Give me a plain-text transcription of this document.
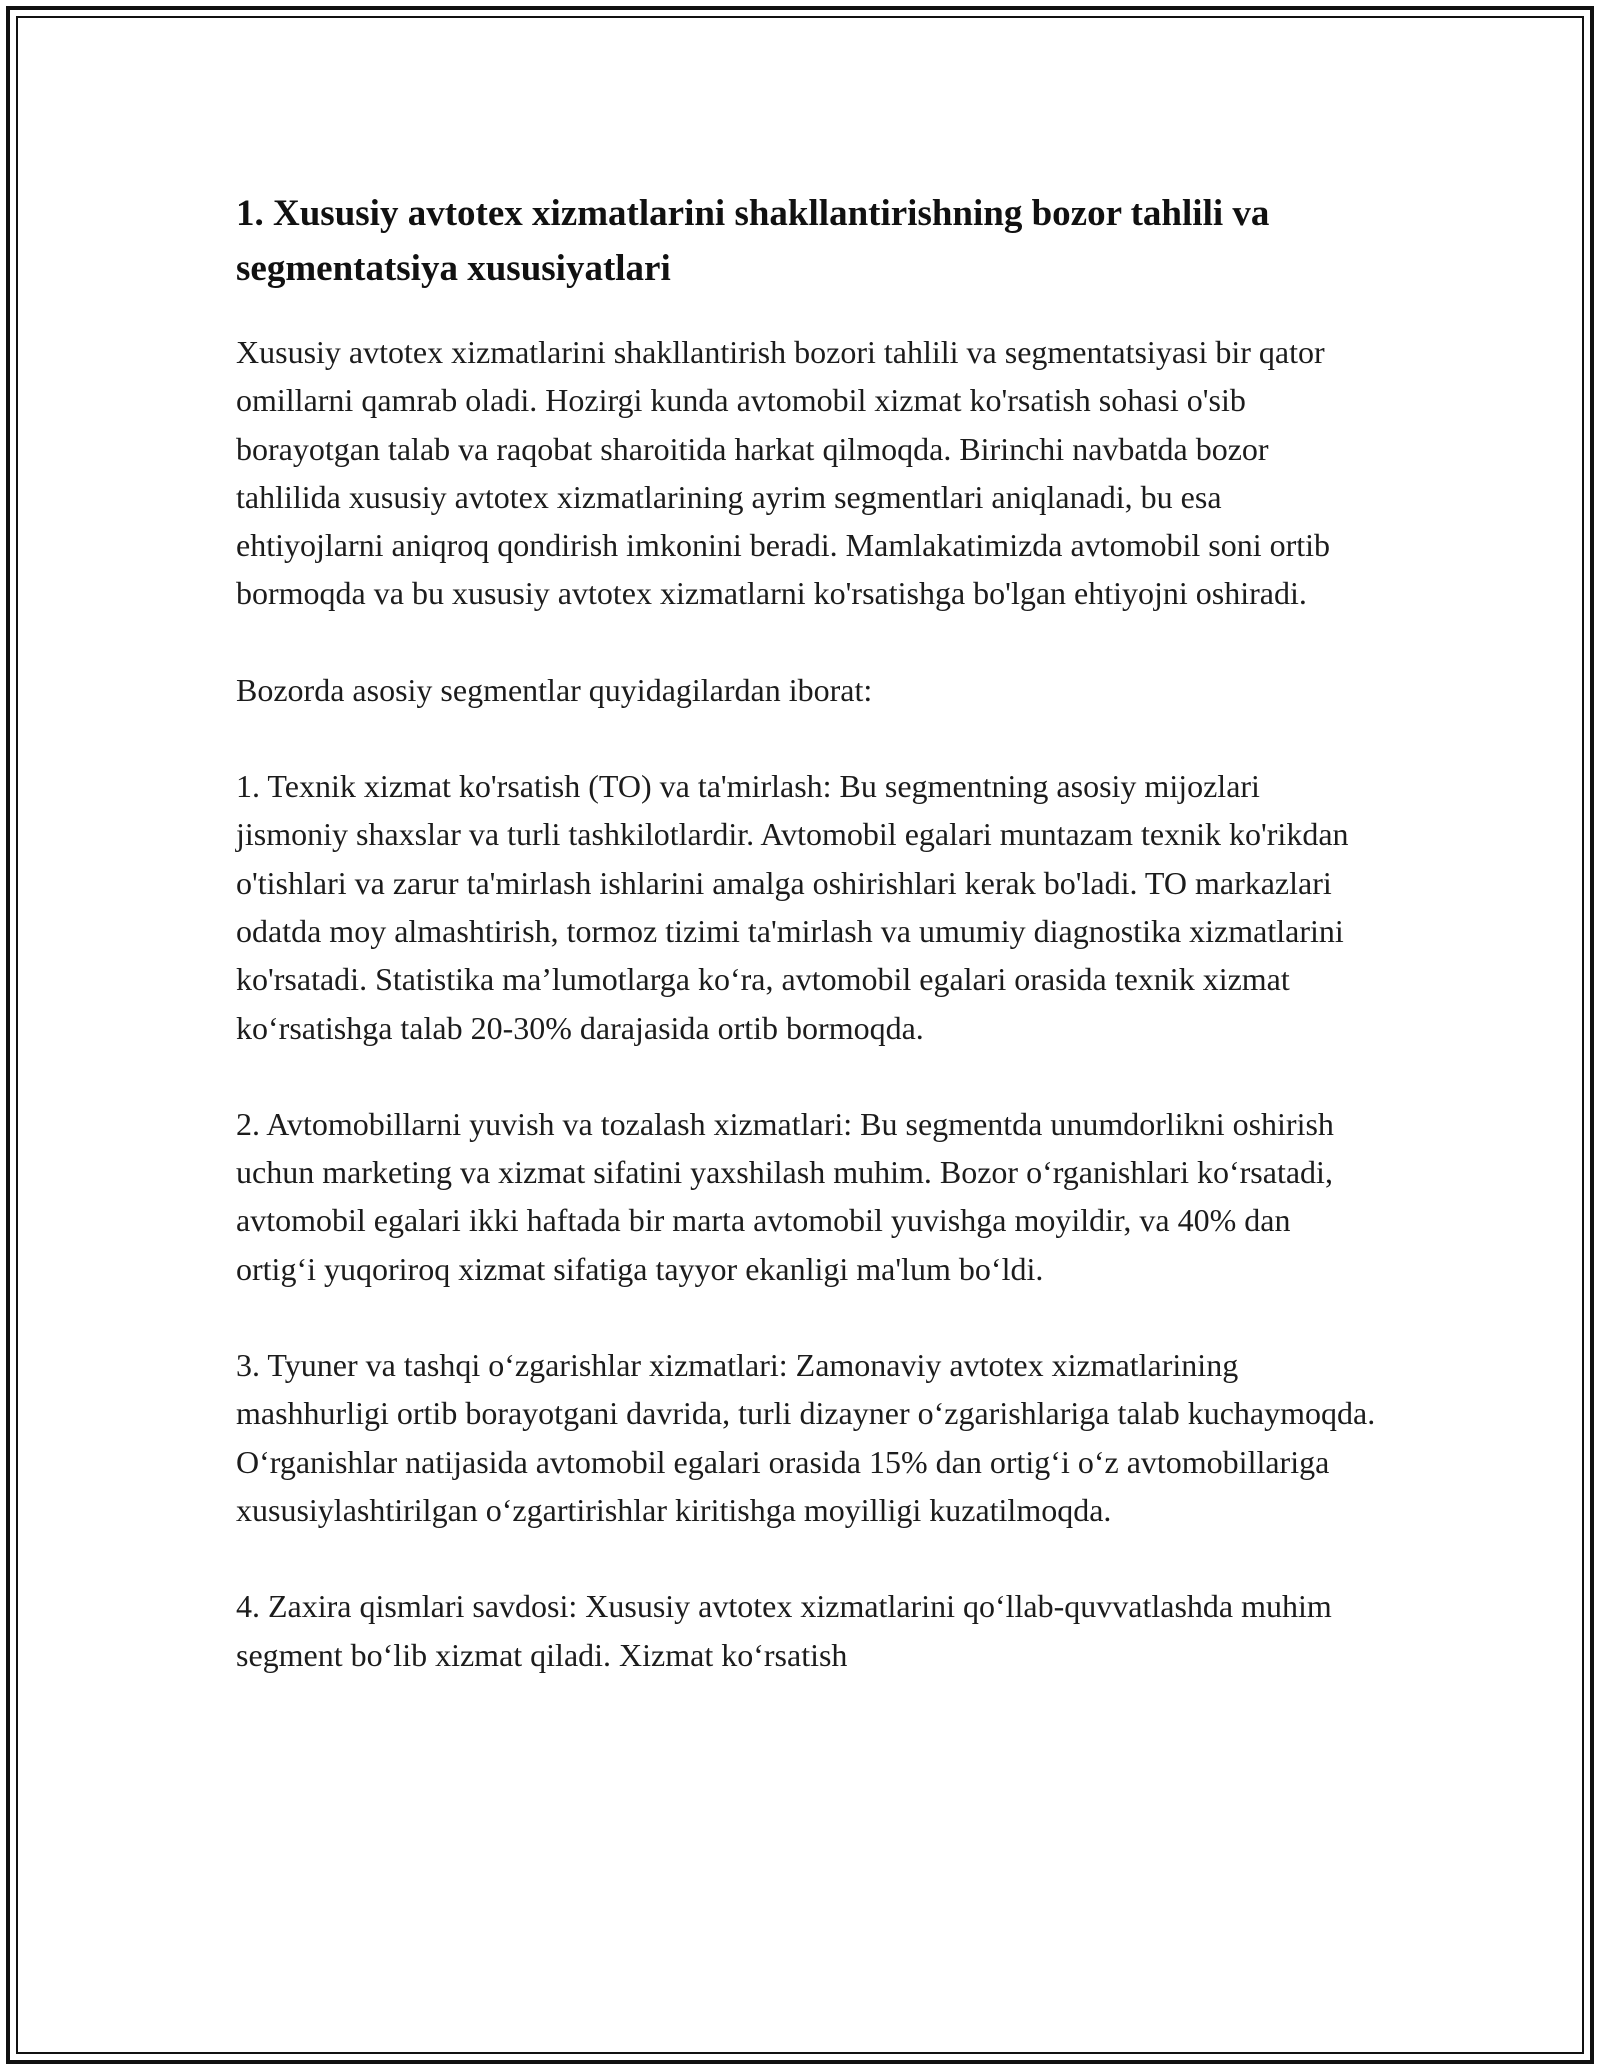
1. Xususiy avtotex xizmatlarini shakllantirishning bozor tahlili va segmentatsiya xususiyatlari

Xususiy avtotex xizmatlarini shakllantirish bozori tahlili va segmentatsiyasi bir qator omillarni qamrab oladi. Hozirgi kunda avtomobil xizmat ko'rsatish sohasi o'sib borayotgan talab va raqobat sharoitida harkat qilmoqda. Birinchi navbatda bozor tahlilida xususiy avtotex xizmatlarining ayrim segmentlari aniqlanadi, bu esa ehtiyojlarni aniqroq qondirish imkonini beradi. Mamlakatimizda avtomobil soni ortib bormoqda va bu xususiy avtotex xizmatlarni ko'rsatishga bo'lgan ehtiyojni oshiradi.

Bozorda asosiy segmentlar quyidagilardan iborat:

1. Texnik xizmat ko'rsatish (TO) va ta'mirlash: Bu segmentning asosiy mijozlari jismoniy shaxslar va turli tashkilotlardir. Avtomobil egalari muntazam texnik ko'rikdan o'tishlari va zarur ta'mirlash ishlarini amalga oshirishlari kerak bo'ladi. TO markazlari odatda moy almashtirish, tormoz tizimi ta'mirlash va umumiy diagnostika xizmatlarini ko'rsatadi. Statistika ma’lumotlarga ko‘ra, avtomobil egalari orasida texnik xizmat ko‘rsatishga talab 20-30% darajasida ortib bormoqda.

2. Avtomobillarni yuvish va tozalash xizmatlari: Bu segmentda unumdorlikni oshirish uchun marketing va xizmat sifatini yaxshilash muhim. Bozor o‘rganishlari ko‘rsatadi, avtomobil egalari ikki haftada bir marta avtomobil yuvishga moyildir, va 40% dan ortig‘i yuqoriroq xizmat sifatiga tayyor ekanligi ma'lum bo‘ldi.

3. Tyuner va tashqi o‘zgarishlar xizmatlari: Zamonaviy avtotex xizmatlarining mashhurligi ortib borayotgani davrida, turli dizayner o‘zgarishlariga talab kuchaymoqda. O‘rganishlar natijasida avtomobil egalari orasida 15% dan ortig‘i o‘z avtomobillariga xususiylashtirilgan o‘zgartirishlar kiritishga moyilligi kuzatilmoqda.

4. Zaxira qismlari savdosi: Xususiy avtotex xizmatlarini qo‘llab-quvvatlashda muhim segment bo‘lib xizmat qiladi. Xizmat ko‘rsatish
